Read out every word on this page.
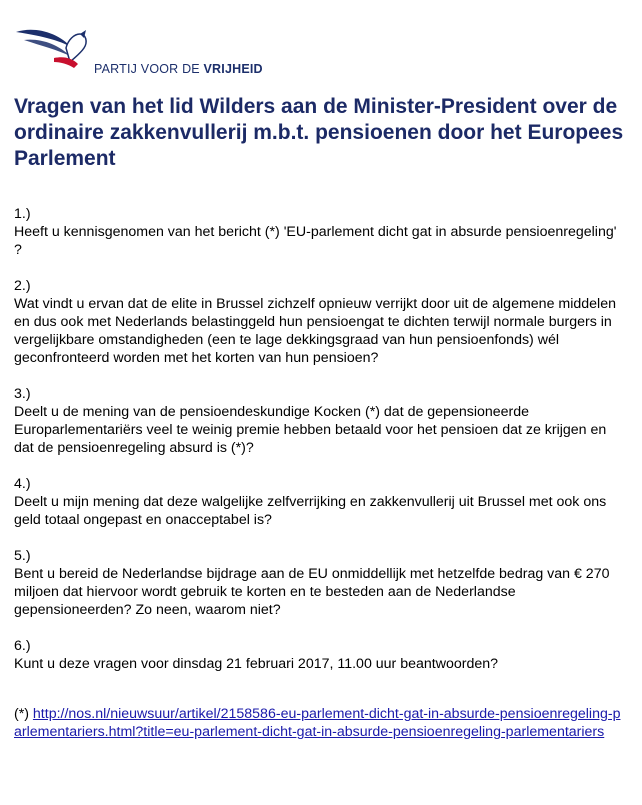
PARTIJ VOOR DE VRIJHEID
Vragen van het lid Wilders aan de Minister-President over de ordinaire zakkenvullerij m.b.t. pensioenen door het Europees Parlement
1.)
Heeft u kennisgenomen van het bericht (*) 'EU-parlement dicht gat in absurde pensioenregeling' ?
2.)
Wat vindt u ervan dat de elite in Brussel zichzelf opnieuw verrijkt door uit de algemene middelen en dus ook met Nederlands belastinggeld hun pensioengat te dichten terwijl normale burgers in vergelijkbare omstandigheden (een te lage dekkingsgraad van hun pensioenfonds) wél geconfronteerd worden met het korten van hun pensioen?
3.)
Deelt u de mening van de pensioendeskundige Kocken (*) dat de gepensioneerde Europarlementariërs veel te weinig premie hebben betaald voor het pensioen dat ze krijgen en dat de pensioenregeling absurd is (*)?
4.)
Deelt u mijn mening dat deze walgelijke zelfverrijking en zakkenvullerij uit Brussel met ook ons geld totaal ongepast en onacceptabel is?
5.)
Bent u bereid de Nederlandse bijdrage aan de EU onmiddellijk met hetzelfde bedrag van € 270 miljoen dat hiervoor wordt gebruik te korten en te besteden aan de Nederlandse gepensioneerden? Zo neen, waarom niet?
6.)
Kunt u deze vragen voor dinsdag 21 februari 2017, 11.00 uur beantwoorden?
(*) http://nos.nl/nieuwsuur/artikel/2158586-eu-parlement-dicht-gat-in-absurde-pensioenregeling-parlementariers.html?title=eu-parlement-dicht-gat-in-absurde-pensioenregeling-parlementariers
